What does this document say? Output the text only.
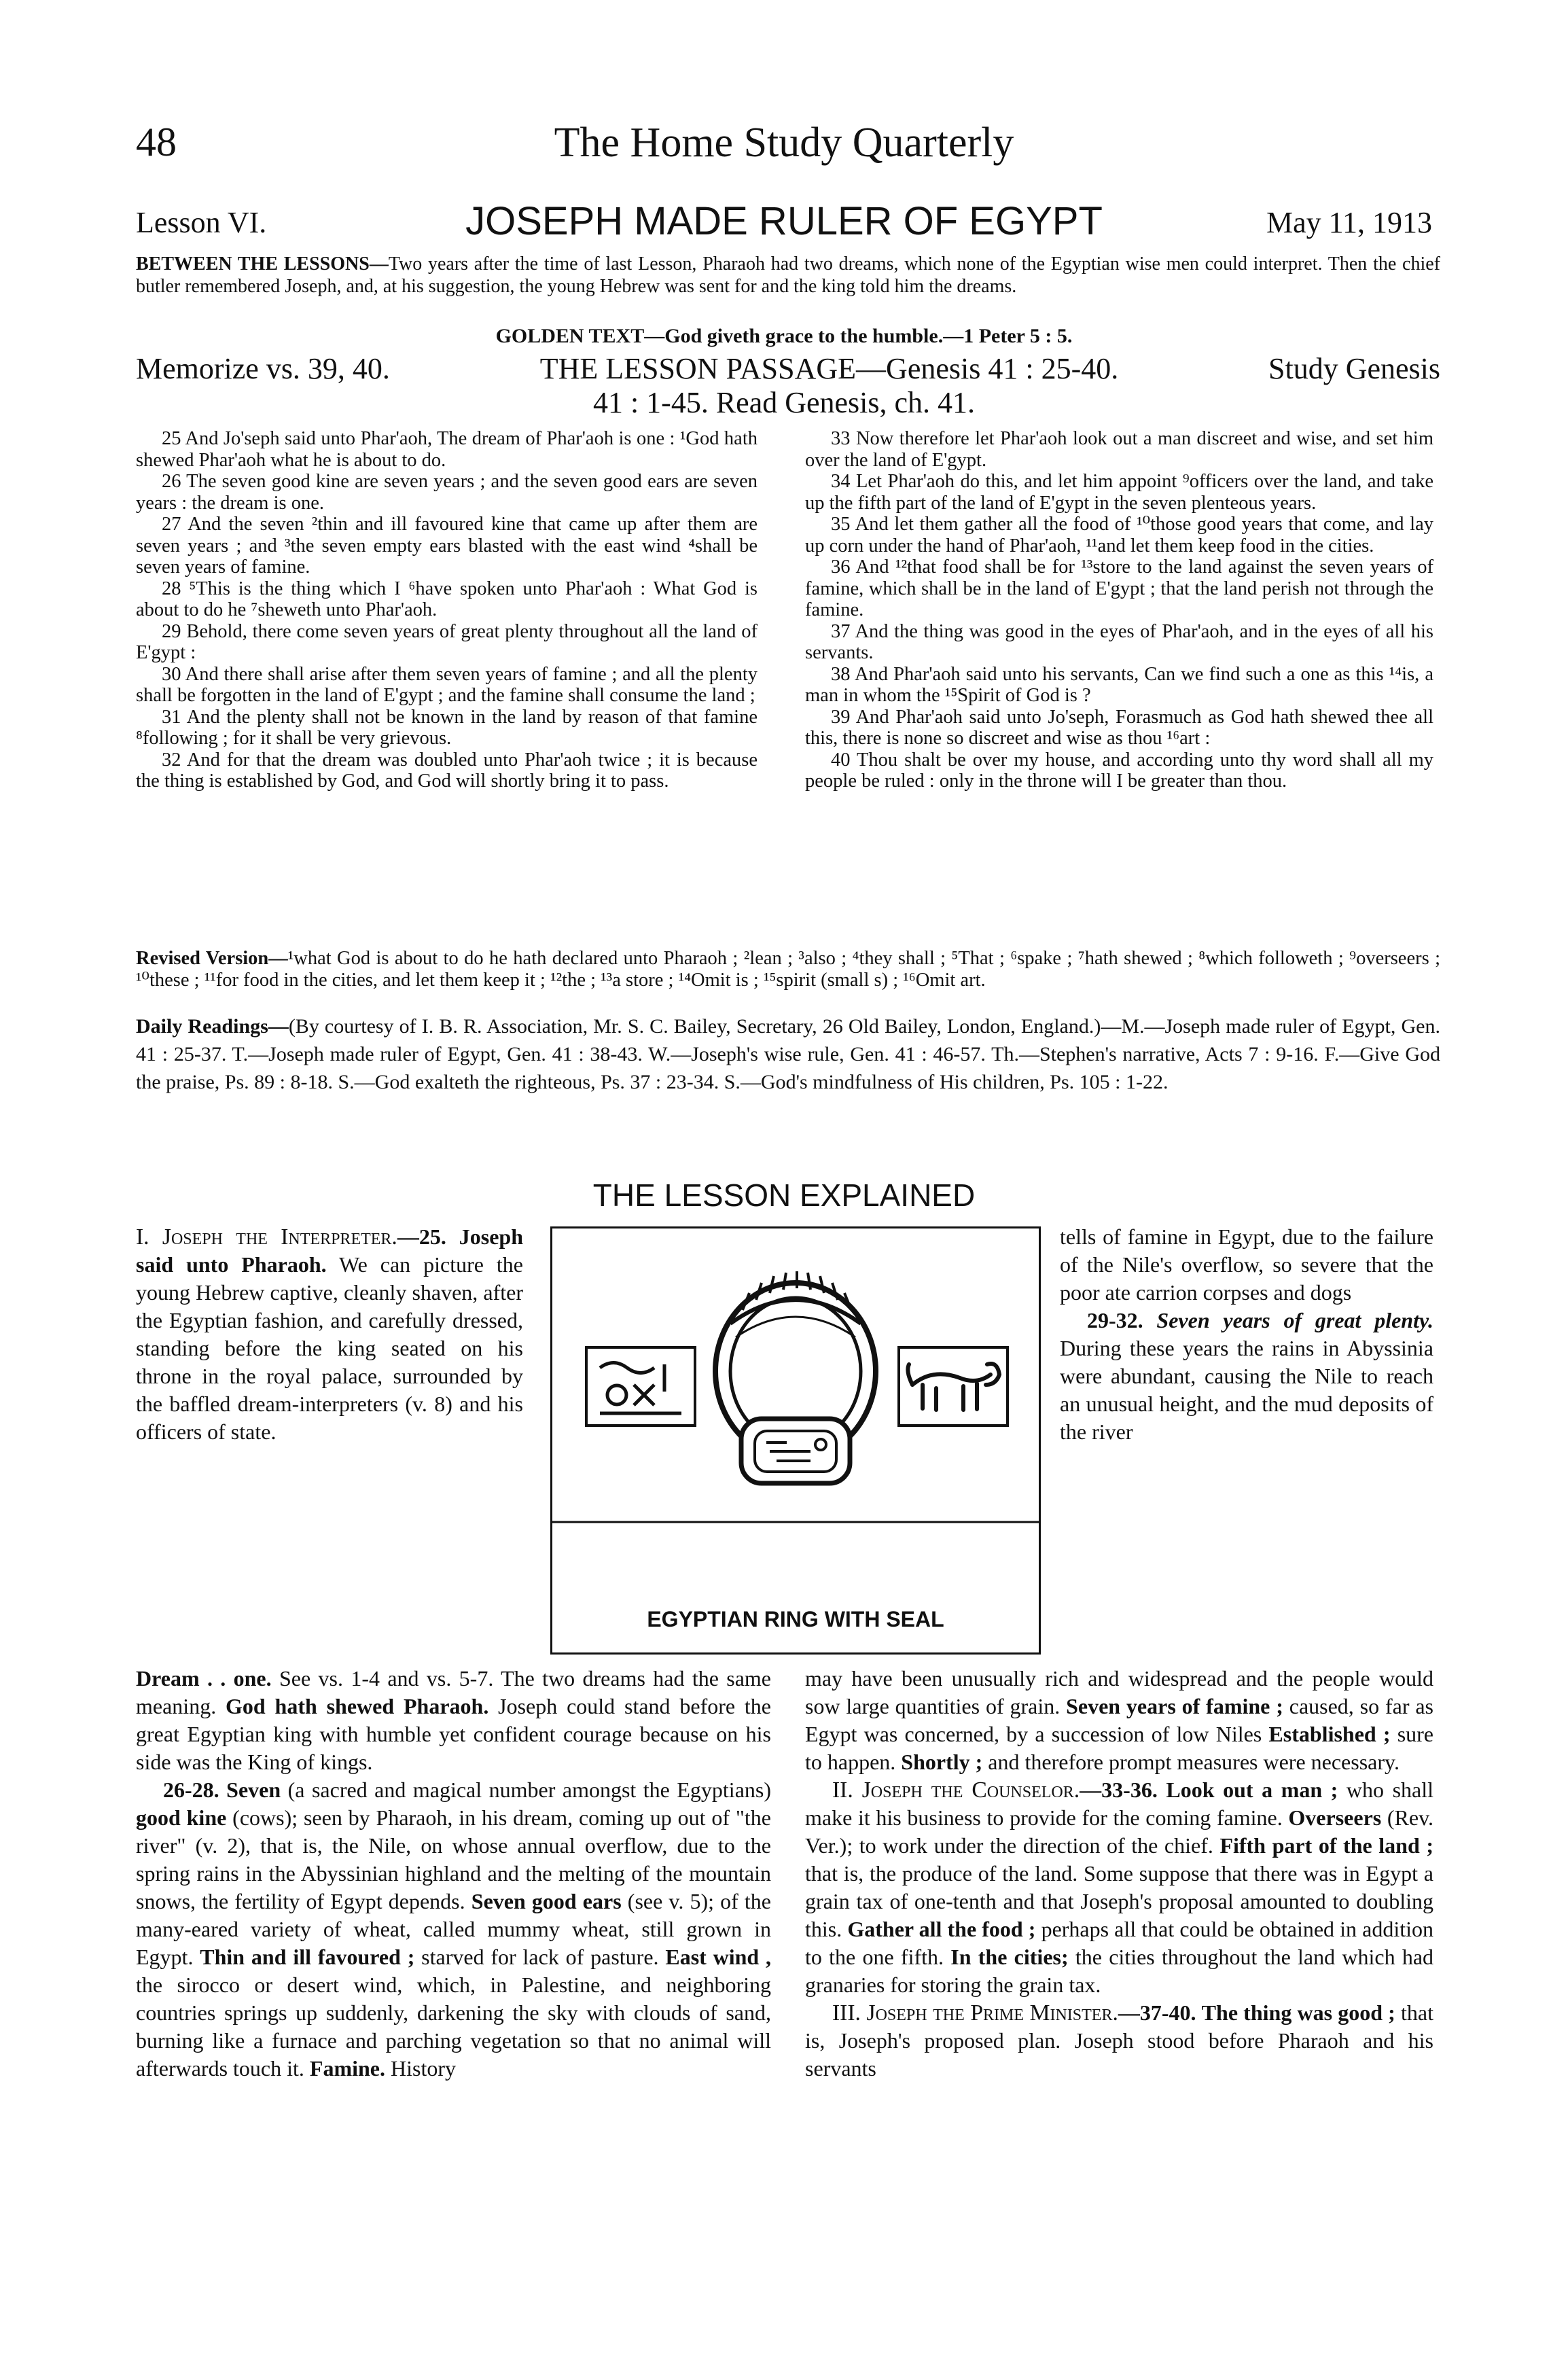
48	The Home Study Quarterly
Lesson VI.	JOSEPH MADE RULER OF EGYPT	May 11, 1913
BETWEEN THE LESSONS—Two years after the time of last Lesson, Pharaoh had two dreams, which none of the Egyptian wise men could interpret. Then the chief butler remembered Joseph, and, at his suggestion, the young Hebrew was sent for and the king told him the dreams.
GOLDEN TEXT—God giveth grace to the humble.—1 Peter 5 : 5.
Memorize vs. 39, 40.	Study Genesis
THE LESSON PASSAGE—Genesis 41 : 25-40.
41 : 1-45. Read Genesis, ch. 41.

25 And Jo'seph said unto Phar'aoh, The dream of Phar'aoh is one : ¹God hath shewed Phar'aoh what he is about to do.

26 The seven good kine are seven years ; and the seven good ears are seven years : the dream is one.

27 And the seven ²thin and ill favoured kine that came up after them are seven years ; and ³the seven empty ears blasted with the east wind ⁴shall be seven years of famine.

28 ⁵This is the thing which I ⁶have spoken unto Phar'aoh : What God is about to do he ⁷sheweth unto Phar'aoh.

29 Behold, there come seven years of great plenty throughout all the land of E'gypt :

30 And there shall arise after them seven years of famine ; and all the plenty shall be forgotten in the land of E'gypt ; and the famine shall consume the land ;

31 And the plenty shall not be known in the land by reason of that famine ⁸following ; for it shall be very grievous.

32 And for that the dream was doubled unto Phar'aoh twice ; it is because the thing is established by God, and God will shortly bring it to pass.

33 Now therefore let Phar'aoh look out a man discreet and wise, and set him over the land of E'gypt.

34 Let Phar'aoh do this, and let him appoint ⁹officers over the land, and take up the fifth part of the land of E'gypt in the seven plenteous years.

35 And let them gather all the food of ¹⁰those good years that come, and lay up corn under the hand of Phar'aoh, ¹¹and let them keep food in the cities.

36 And ¹²that food shall be for ¹³store to the land against the seven years of famine, which shall be in the land of E'gypt ; that the land perish not through the famine.

37 And the thing was good in the eyes of Phar'aoh, and in the eyes of all his servants.

38 And Phar'aoh said unto his servants, Can we find such a one as this ¹⁴is, a man in whom the ¹⁵Spirit of God is ?

39 And Phar'aoh said unto Jo'seph, Forasmuch as God hath shewed thee all this, there is none so discreet and wise as thou ¹⁶art :

40 Thou shalt be over my house, and according unto thy word shall all my people be ruled : only in the throne will I be greater than thou.

Revised Version—¹what God is about to do he hath declared unto Pharaoh ; ²lean ; ³also ; ⁴they shall ; ⁵That ; ⁶spake ; ⁷hath shewed ; ⁸which followeth ; ⁹overseers ; ¹⁰these ; ¹¹for food in the cities, and let them keep it ; ¹²the ; ¹³a store ; ¹⁴Omit is ; ¹⁵spirit (small s) ; ¹⁶Omit art.
Daily Readings—(By courtesy of I. B. R. Association, Mr. S. C. Bailey, Secretary, 26 Old Bailey, London, England.)—M.—Joseph made ruler of Egypt, Gen. 41 : 25-37. T.—Joseph made ruler of Egypt, Gen. 41 : 38-43. W.—Joseph's wise rule, Gen. 41 : 46-57. Th.—Stephen's narrative, Acts 7 : 9-16. F.—Give God the praise, Ps. 89 : 8-18. S.—God exalteth the righteous, Ps. 37 : 23-34. S.—God's mindfulness of His children, Ps. 105 : 1-22.
THE LESSON EXPLAINED
EGYPTIAN RING WITH SEAL

I. Joseph the Interpreter.—25. Joseph said unto Pharaoh. We can picture the young Hebrew captive, cleanly shaven, after the Egyptian fashion, and carefully dressed, standing before the king seated on his throne in the royal palace, surrounded by the baffled dream-interpreters (v. 8) and his officers of state.

Dream . . one. See vs. 1-4 and vs. 5-7. The two dreams had the same meaning. God hath shewed Pharaoh. Joseph could stand before the great Egyptian king with humble yet confident courage because on his side was the King of kings.

26-28. Seven (a sacred and magical number amongst the Egyptians) good kine (cows); seen by Pharaoh, in his dream, coming up out of "the river" (v. 2), that is, the Nile, on whose annual overflow, due to the spring rains in the Abyssinian highland and the melting of the mountain snows, the fertility of Egypt depends. Seven good ears (see v. 5); of the many-eared variety of wheat, called mummy wheat, still grown in Egypt. Thin and ill favoured ; starved for lack of pasture. East wind , the sirocco or desert wind, which, in Palestine, and neighboring countries springs up suddenly, darkening the sky with clouds of sand, burning like a furnace and parching vegetation so that no animal will afterwards touch it. Famine. History

tells of famine in Egypt, due to the failure of the Nile's overflow, so severe that the poor ate carrion corpses and dogs

29-32. Seven years of great plenty. During these years the rains in Abyssinia were abundant, causing the Nile to reach an unusual height, and the mud deposits of the river

may have been unusually rich and widespread and the people would sow large quantities of grain. Seven years of famine ; caused, so far as Egypt was concerned, by a succession of low Niles Established ; sure to happen. Shortly ; and therefore prompt measures were necessary.

II. Joseph the Counselor.—33-36. Look out a man ; who shall make it his business to provide for the coming famine. Overseers (Rev. Ver.); to work under the direction of the chief. Fifth part of the land ; that is, the produce of the land. Some suppose that there was in Egypt a grain tax of one-tenth and that Joseph's proposal amounted to doubling this. Gather all the food ; perhaps all that could be obtained in addition to the one fifth. In the cities; the cities throughout the land which had granaries for storing the grain tax.

III. Joseph the Prime Minister.—37-40. The thing was good ; that is, Joseph's proposed plan. Joseph stood before Pharaoh and his servants
